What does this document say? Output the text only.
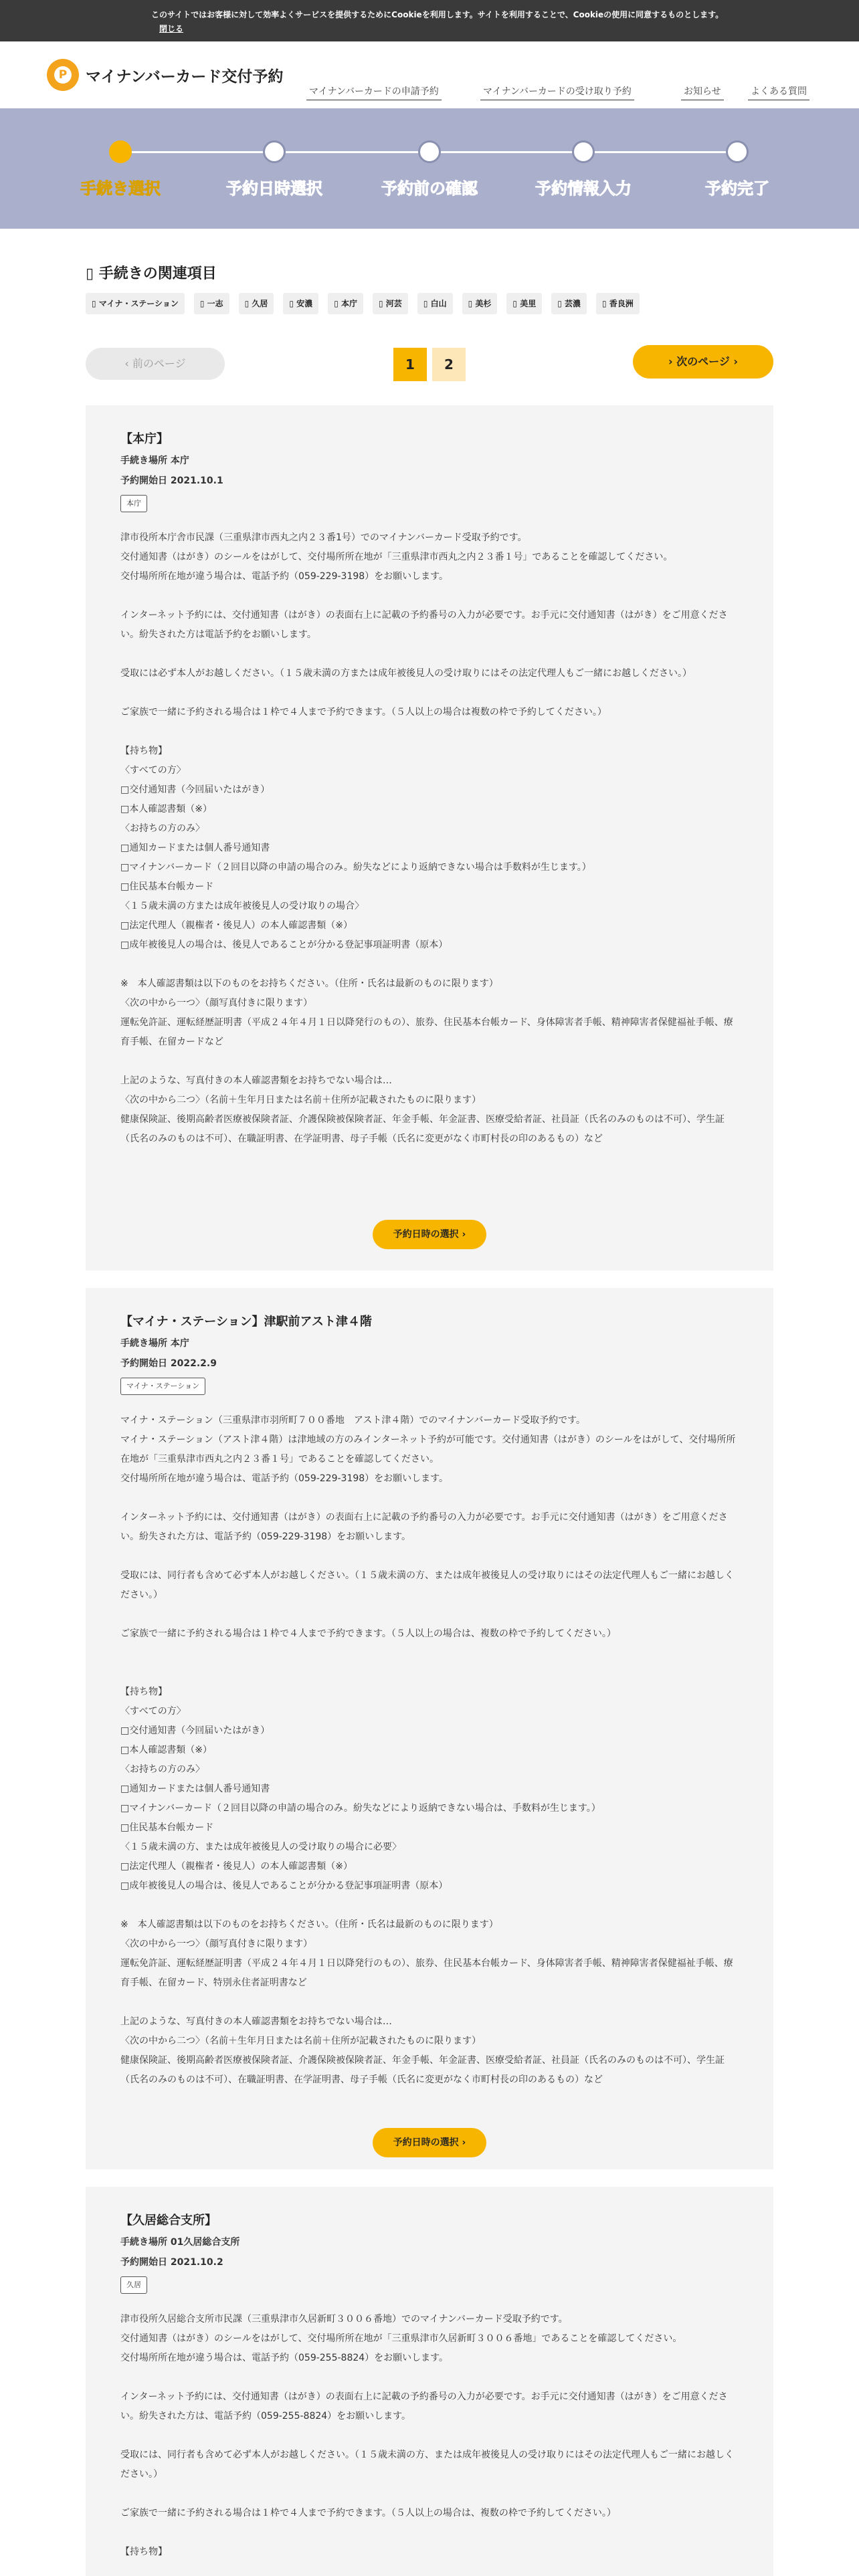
このサイトではお客様に対して効率よくサービスを提供するためにCookieを利用します。サイトを利用することで、Cookieの使用に同意するものとします。 閉じる
P マイナンバーカード交付予約
マイナンバーカードの申請予約	マイナンバーカードの受け取り予約	お知らせ	よくある質問
手続き選択	予約日時選択	予約前の確認	予約情報入力	予約完了
▯ 手続きの関連項目
▯ マイナ・ステーション	▯ 一志	▯ 久居	▯ 安濃	▯ 本庁	▯ 河芸	▯ 白山	▯ 美杉	▯ 美里	▯ 芸濃	▯ 香良洲
‹ 前のページ	1	2	› 次のページ ›
【本庁】
手続き場所 本庁
予約開始日 2021.10.1
本庁
津市役所本庁舎市民課（三重県津市西丸之内２３番1号）でのマイナンバーカード受取予約です。
交付通知書（はがき）のシールをはがして、交付場所所在地が「三重県津市西丸之内２３番１号」であることを確認してください。
交付場所所在地が違う場合は、電話予約（059-229-3198）をお願いします。

インターネット予約には、交付通知書（はがき）の表面右上に記載の予約番号の入力が必要です。お手元に交付通知書（はがき）をご用意ください。紛失された方は電話予約をお願いします。

受取には必ず本人がお越しください。（１５歳未満の方または成年被後見人の受け取りにはその法定代理人もご一緒にお越しください。）

ご家族で一緒に予約される場合は１枠で４人まで予約できます。（５人以上の場合は複数の枠で予約してください。）

【持ち物】
〈すべての方〉
□交付通知書（今回届いたはがき）
□本人確認書類（※）
〈お持ちの方のみ〉
□通知カードまたは個人番号通知書
□マイナンバーカード（２回目以降の申請の場合のみ。紛失などにより返納できない場合は手数料が生じます。）
□住民基本台帳カード
〈１５歳未満の方または成年被後見人の受け取りの場合〉
□法定代理人（親権者・後見人）の本人確認書類（※）
□成年被後見人の場合は、後見人であることが分かる登記事項証明書（原本）

※　本人確認書類は以下のものをお持ちください。（住所・氏名は最新のものに限ります）
〈次の中から一つ〉（顔写真付きに限ります）
運転免許証、運転経歴証明書（平成２４年４月１日以降発行のもの）、旅券、住民基本台帳カード、身体障害者手帳、精神障害者保健福祉手帳、療育手帳、在留カードなど

上記のような、写真付きの本人確認書類をお持ちでない場合は…
〈次の中から二つ〉（名前＋生年月日または名前＋住所が記載されたものに限ります）
健康保険証、後期高齢者医療被保険者証、介護保険被保険者証、年金手帳、年金証書、医療受給者証、社員証（氏名のみのものは不可）、学生証（氏名のみのものは不可）、在職証明書、在学証明書、母子手帳（氏名に変更がなく市町村長の印のあるもの）など
予約日時の選択 ›
【マイナ・ステーション】津駅前アスト津４階
手続き場所 本庁
予約開始日 2022.2.9
マイナ・ステーション
マイナ・ステーション（三重県津市羽所町７００番地　アスト津４階）でのマイナンバーカード受取予約です。
マイナ・ステーション（アスト津４階）は津地域の方のみインターネット予約が可能です。交付通知書（はがき）のシールをはがして、交付場所所在地が「三重県津市西丸之内２３番１号」であることを確認してください。
交付場所所在地が違う場合は、電話予約（059-229-3198）をお願いします。

インターネット予約には、交付通知書（はがき）の表面右上に記載の予約番号の入力が必要です。お手元に交付通知書（はがき）をご用意ください。紛失された方は、電話予約（059-229-3198）をお願いします。

受取には、同行者も含めて必ず本人がお越しください。（１５歳未満の方、または成年被後見人の受け取りにはその法定代理人もご一緒にお越しください。）

ご家族で一緒に予約される場合は１枠で４人まで予約できます。（５人以上の場合は、複数の枠で予約してください。）

【持ち物】
〈すべての方〉
□交付通知書（今回届いたはがき）
□本人確認書類（※）
〈お持ちの方のみ〉
□通知カードまたは個人番号通知書
□マイナンバーカード（２回目以降の申請の場合のみ。紛失などにより返納できない場合は、手数料が生じます。）
□住民基本台帳カード
〈１５歳未満の方、または成年被後見人の受け取りの場合に必要〉
□法定代理人（親権者・後見人）の本人確認書類（※）
□成年被後見人の場合は、後見人であることが分かる登記事項証明書（原本）

※　本人確認書類は以下のものをお持ちください。（住所・氏名は最新のものに限ります）
〈次の中から一つ〉（顔写真付きに限ります）
運転免許証、運転経歴証明書（平成２４年４月１日以降発行のもの）、旅券、住民基本台帳カード、身体障害者手帳、精神障害者保健福祉手帳、療育手帳、在留カード、特別永住者証明書など

上記のような、写真付きの本人確認書類をお持ちでない場合は…
〈次の中から二つ〉（名前＋生年月日または名前＋住所が記載されたものに限ります）
健康保険証、後期高齢者医療被保険者証、介護保険被保険者証、年金手帳、年金証書、医療受給者証、社員証（氏名のみのものは不可）、学生証（氏名のみのものは不可）、在職証明書、在学証明書、母子手帳（氏名に変更がなく市町村長の印のあるもの）など
予約日時の選択 ›
【久居総合支所】
手続き場所 01久居総合支所
予約開始日 2021.10.2
久居
津市役所久居総合支所市民課（三重県津市久居新町３００６番地）でのマイナンバーカード受取予約です。
交付通知書（はがき）のシールをはがして、交付場所所在地が「三重県津市久居新町３００６番地」であることを確認してください。
交付場所所在地が違う場合は、電話予約（059-255-8824）をお願いします。

インターネット予約には、交付通知書（はがき）の表面右上に記載の予約番号の入力が必要です。お手元に交付通知書（はがき）をご用意ください。紛失された方は、電話予約（059-255-8824）をお願いします。

受取には、同行者も含めて必ず本人がお越しください。（１５歳未満の方、または成年被後見人の受け取りにはその法定代理人もご一緒にお越しください。）

ご家族で一緒に予約される場合は１枠で４人まで予約できます。（５人以上の場合は、複数の枠で予約してください。）

【持ち物】
